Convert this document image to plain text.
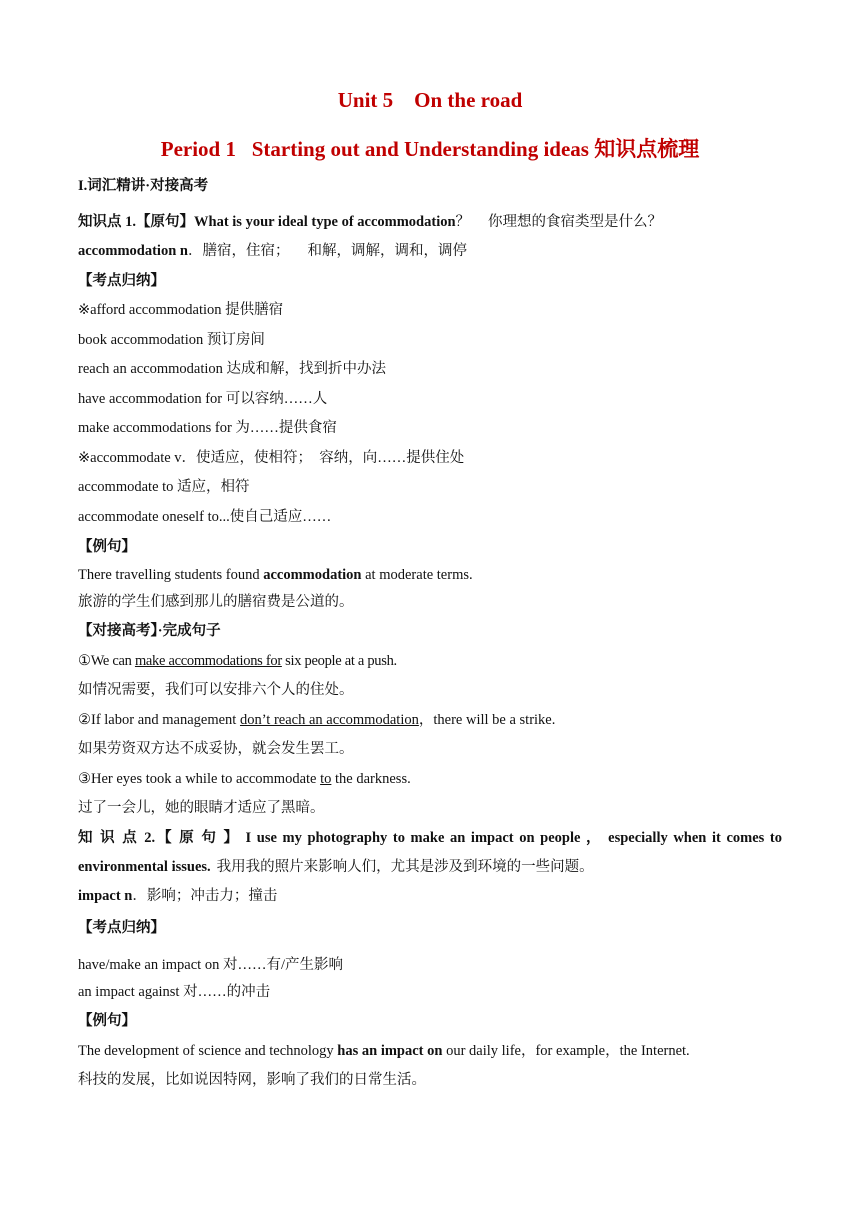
Unit 5    On the road
Period 1   Starting out and Understanding ideas 知识点梳理
I.词汇精讲·对接高考
知识点 1.【原句】What is your ideal type of accommodation？ 你理想的食宿类型是什么？
accommodation n．膳宿，住宿； 和解，调解，调和，调停
【考点归纳】
※afford accommodation 提供膳宿
book accommodation 预订房间
reach an accommodation 达成和解，找到折中办法
have accommodation for 可以容纳……人
make accommodations for 为……提供食宿
※accommodate v．使适应，使相符；  容纳，向……提供住处
accommodate to 适应，相符
accommodate oneself to...使自己适应……
【例句】
There travelling students found accommodation at moderate terms.
旅游的学生们感到那儿的膳宿费是公道的。
【对接高考】·完成句子
①We can make accommodations for six people at a push.
如情况需要，我们可以安排六个人的住处。
②If labor and management don’t reach an accommodation，there will be a strike.
如果劳资双方达不成妥协，就会发生罢工。
③Her eyes took a while to accommodate to the darkness.
过了一会儿，她的眼睛才适应了黑暗。
知 识 点 2.【 原 句 】 I use my photography to make an impact on people ， especially when it comes to
environmental issues. 我用我的照片来影响人们，尤其是涉及到环境的一些问题。
impact n．影响；冲击力；撞击
【考点归纳】
have/make an impact on 对……有/产生影响
an impact against 对……的冲击
【例句】
The development of science and technology has an impact on our daily life，for example，the Internet.
科技的发展，比如说因特网，影响了我们的日常生活。
